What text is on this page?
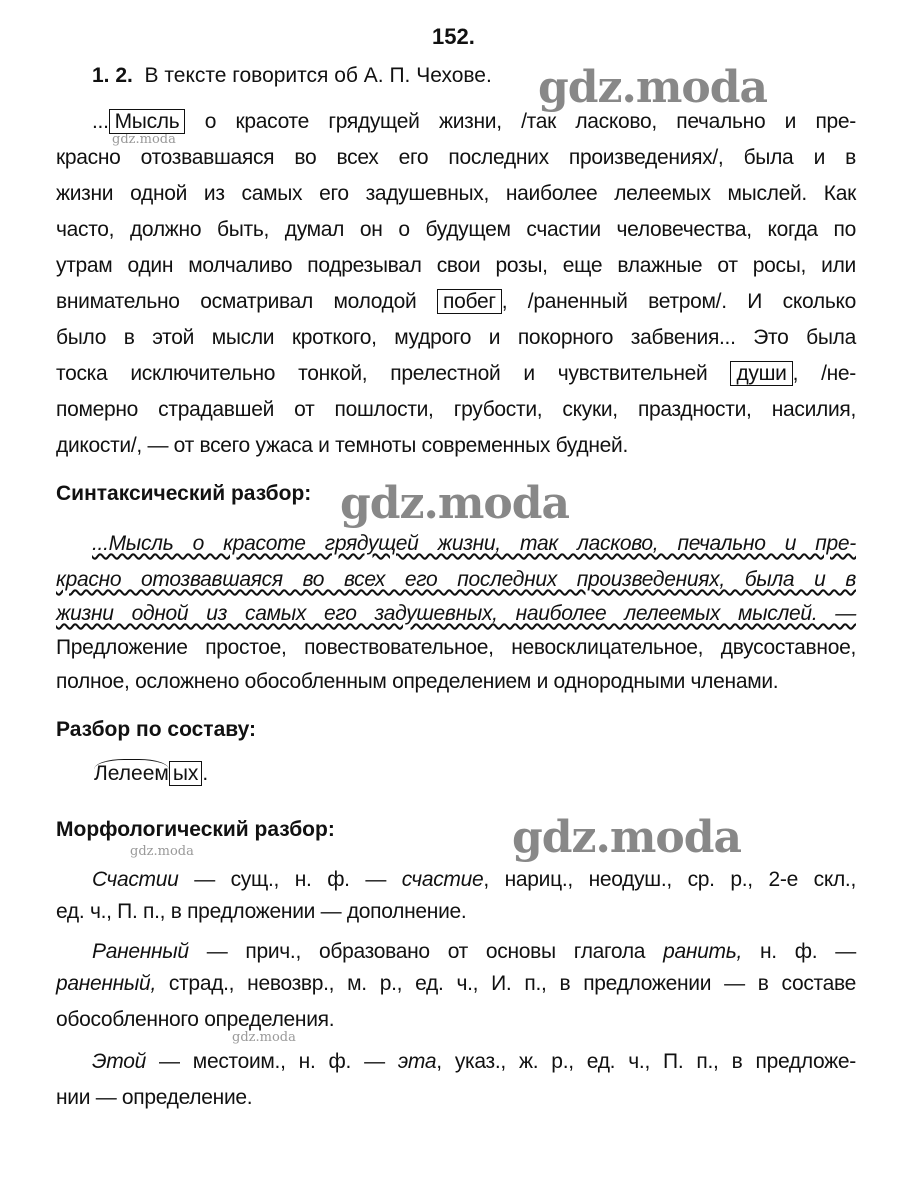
152.
1. 2. В тексте говорится об А. П. Чехове. gdz.moda
gdz.moda
... Мысль о красоте грядущей жизни, /так ласково, печально и пре-
красно отозвавшаяся во всех его последних произведениях/, была и в
жизни одной из самых его задушевных, наиболее лелеемых мыслей. Как
часто, должно быть, думал он о будущем счастии человечества, когда по
утрам один молчаливо подрезывал свои розы, еще влажные от росы, или
внимательно осматривал молодой побег , /раненный ветром/. И сколько
было в этой мысли кроткого, мудрого и покорного забвения... Это была
тоска исключительно тонкой, прелестной и чувствительней души , /не-
померно страдавшей от пошлости, грубости, скуки, праздности, насилия,
дикости/, — от всего ужаса и темноты современных будней.
Синтаксический разбор: gdz.moda
...Мысль о красоте грядущей жизни, так ласково, печально и пре-
красно отозвавшаяся во всех его последних произведениях, была и в
жизни одной из самых его задушевных, наиболее лелеемых мыслей. —
Предложение простое, повествовательное, невосклицательное, двусоставное,
полное, осложнено обособленным определением и однородными членами.
Разбор по составу:
Лелеем ых .
Морфологический разбор:	gdz.moda
gdz.moda
Счастии — сущ., н. ф. — счастие, нариц., неодуш., ср. р., 2-е скл.,
ед. ч., П. п., в предложении — дополнение.
Раненный — прич., образовано от основы глагола ранить, н. ф. —
раненный, страд., невозвр., м. р., ед. ч., И. п., в предложении — в составе
обособленного определения.
gdz.moda
Этой — местоим., н. ф. — эта, указ., ж. р., ед. ч., П. п., в предложе-
нии — определение.
